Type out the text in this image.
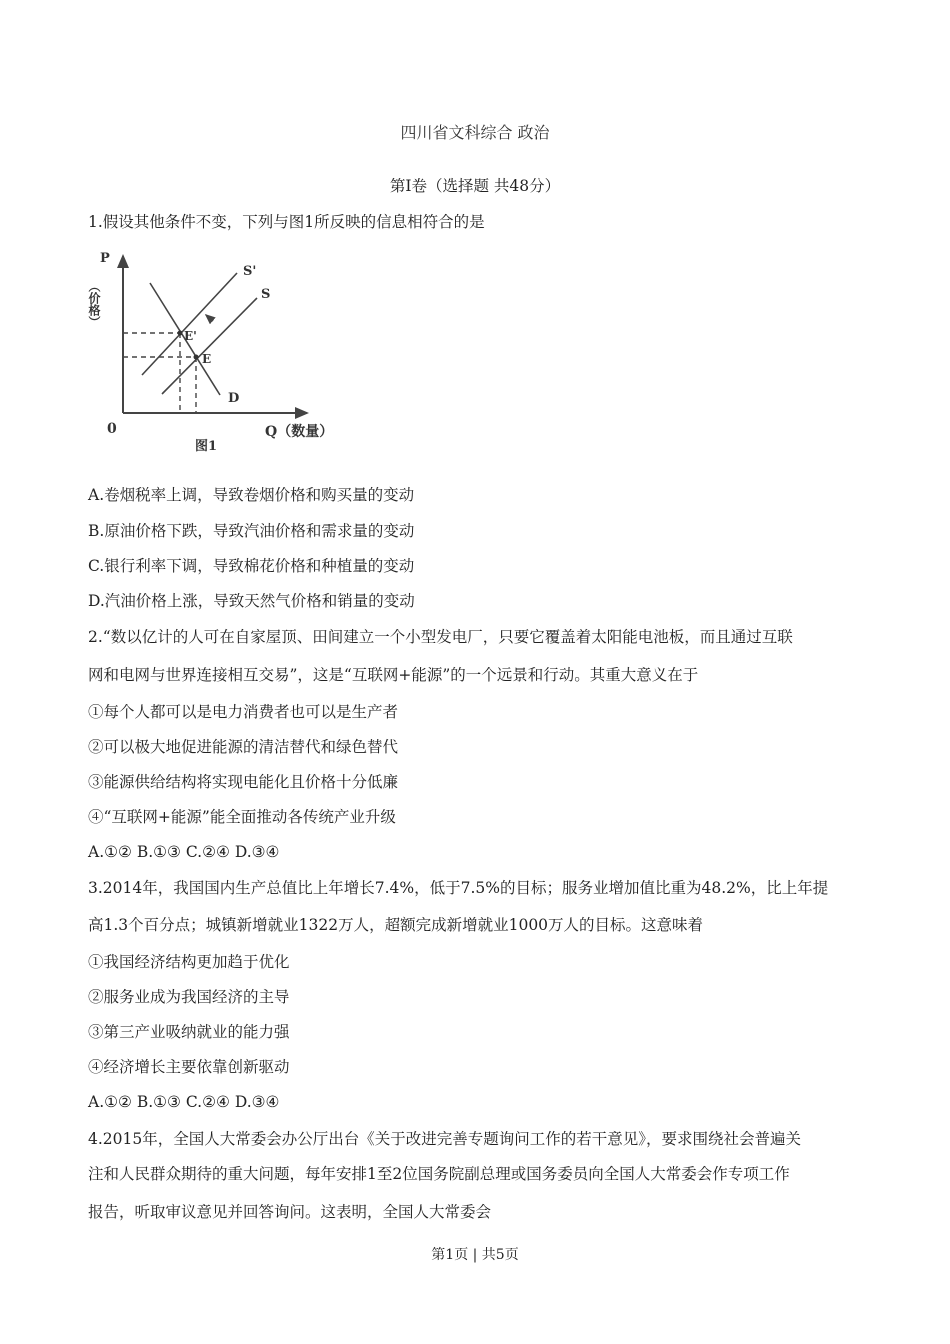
四川省文科综合 政治
第Ⅰ卷（选择题 共48分）
1.假设其他条件不变，下列与图1所反映的信息相符合的是
P
（价格）
0	Q（数量）
图1
S'
S
D
E'
E
A.卷烟税率上调，导致卷烟价格和购买量的变动
B.原油价格下跌，导致汽油价格和需求量的变动
C.银行利率下调，导致棉花价格和种植量的变动
D.汽油价格上涨，导致天然气价格和销量的变动
2.“数以亿计的人可在自家屋顶、田间建立一个小型发电厂，只要它覆盖着太阳能电池板，而且通过互联
网和电网与世界连接相互交易”，这是“互联网+能源”的一个远景和行动。其重大意义在于
①每个人都可以是电力消费者也可以是生产者
②可以极大地促进能源的清洁替代和绿色替代
③能源供给结构将实现电能化且价格十分低廉
④“互联网+能源”能全面推动各传统产业升级
A.①② B.①③ C.②④ D.③④
3.2014年，我国国内生产总值比上年增长7.4%，低于7.5%的目标；服务业增加值比重为48.2%，比上年提
高1.3个百分点；城镇新增就业1322万人，超额完成新增就业1000万人的目标。这意味着
①我国经济结构更加趋于优化
②服务业成为我国经济的主导
③第三产业吸纳就业的能力强
④经济增长主要依靠创新驱动
A.①② B.①③ C.②④ D.③④
4.2015年，全国人大常委会办公厅出台《关于改进完善专题询问工作的若干意见》，要求围绕社会普遍关
注和人民群众期待的重大问题，每年安排1至2位国务院副总理或国务委员向全国人大常委会作专项工作
报告，听取审议意见并回答询问。这表明，全国人大常委会
第1页 | 共5页
